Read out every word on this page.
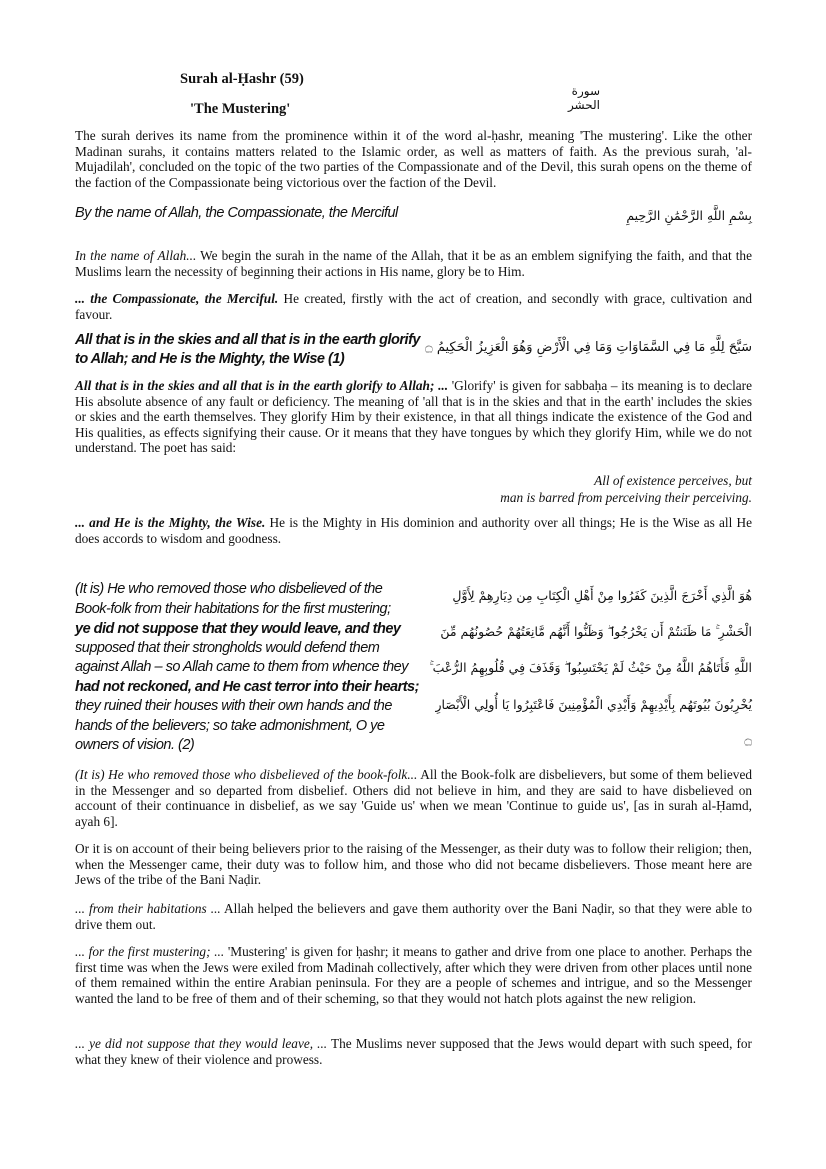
Surah al-Ḥashr (59)
'The Mustering'
سورة الحشر

The surah derives its name from the prominence within it of the word al-ḥashr, meaning 'The mustering'. Like the other Madinan surahs, it contains matters related to the Islamic order, as well as matters of faith. As the previous surah, 'al-Mujadilah', concluded on the topic of the two parties of the Compassionate and of the Devil, this surah opens on the theme of the faction of the Compassionate being victorious over the faction of the Devil.

By the name of Allah, the Compassionate, the Merciful	بِسْمِ اللَّهِ الرَّحْمَٰنِ الرَّحِيمِ

In the name of Allah... We begin the surah in the name of the Allah, that it be as an emblem signifying the faith, and that the Muslims learn the necessity of beginning their actions in His name, glory be to Him.

... the Compassionate, the Merciful. He created, firstly with the act of creation, and secondly with grace, cultivation and favour.

All that is in the skies and all that is in the earth glorify
to Allah; and He is the Mighty, the Wise (1)
سَبَّحَ لِلَّهِ مَا فِي السَّمَاوَاتِ وَمَا فِي الْأَرْضِ وَهُوَ الْعَزِيزُ الْحَكِيمُ ۝

All that is in the skies and all that is in the earth glorify to Allah; ... 'Glorify' is given for sabbaḥa – its meaning is to declare His absolute absence of any fault or deficiency. The meaning of 'all that is in the skies and that in the earth' includes the skies or skies and the earth themselves. They glorify Him by their existence, in that all things indicate the existence of the God and His qualities, as effects signifying their cause. Or it means that they have tongues by which they glorify Him, while we do not understand. The poet has said:

All of existence perceives, but
man is barred from perceiving their perceiving.

... and He is the Mighty, the Wise. He is the Mighty in His dominion and authority over all things; He is the Wise as all He does accords to wisdom and goodness.

(It is) He who removed those who disbelieved of the
Book-folk from their habitations for the first mustering;
ye did not suppose that they would leave, and they
supposed that their strongholds would defend them
against Allah – so Allah came to them from whence they
had not reckoned, and He cast terror into their hearts;
they ruined their houses with their own hands and the
hands of the believers; so take admonishment, O ye
owners of vision. (2)
هُوَ الَّذِي أَخْرَجَ الَّذِينَ كَفَرُوا مِنْ أَهْلِ الْكِتَابِ مِن دِيَارِهِمْ لِأَوَّلِ
الْحَشْرِ ۚ مَا ظَنَنتُمْ أَن يَخْرُجُوا ۖ وَظَنُّوا أَنَّهُم مَّانِعَتُهُمْ حُصُونُهُم مِّنَ
اللَّهِ فَأَتَاهُمُ اللَّهُ مِنْ حَيْثُ لَمْ يَحْتَسِبُوا ۖ وَقَذَفَ فِي قُلُوبِهِمُ الرُّعْبَ ۚ
يُخْرِبُونَ بُيُوتَهُم بِأَيْدِيهِمْ وَأَيْدِي الْمُؤْمِنِينَ فَاعْتَبِرُوا يَا أُولِي الْأَبْصَارِ
۝

(It is) He who removed those who disbelieved of the book-folk... All the Book-folk are disbelievers, but some of them believed in the Messenger and so departed from disbelief. Others did not believe in him, and they are said to have disbelieved on account of their continuance in disbelief, as we say 'Guide us' when we mean 'Continue to guide us', [as in surah al-Ḥamd, ayah 6].

Or it is on account of their being believers prior to the raising of the Messenger, as their duty was to follow their religion; then, when the Messenger came, their duty was to follow him, and those who did not became disbelievers. Those meant here are Jews of the tribe of the Bani Naḍir.

... from their habitations ... Allah helped the believers and gave them authority over the Bani Naḍir, so that they were able to drive them out.

... for the first mustering; ... 'Mustering' is given for ḥashr; it means to gather and drive from one place to another. Perhaps the first time was when the Jews were exiled from Madinah collectively, after which they were driven from other places until none of them remained within the entire Arabian peninsula. For they are a people of schemes and intrigue, and so the Messenger wanted the land to be free of them and of their scheming, so that they would not hatch plots against the new religion.

... ye did not suppose that they would leave, ... The Muslims never supposed that the Jews would depart with such speed, for what they knew of their violence and prowess.
